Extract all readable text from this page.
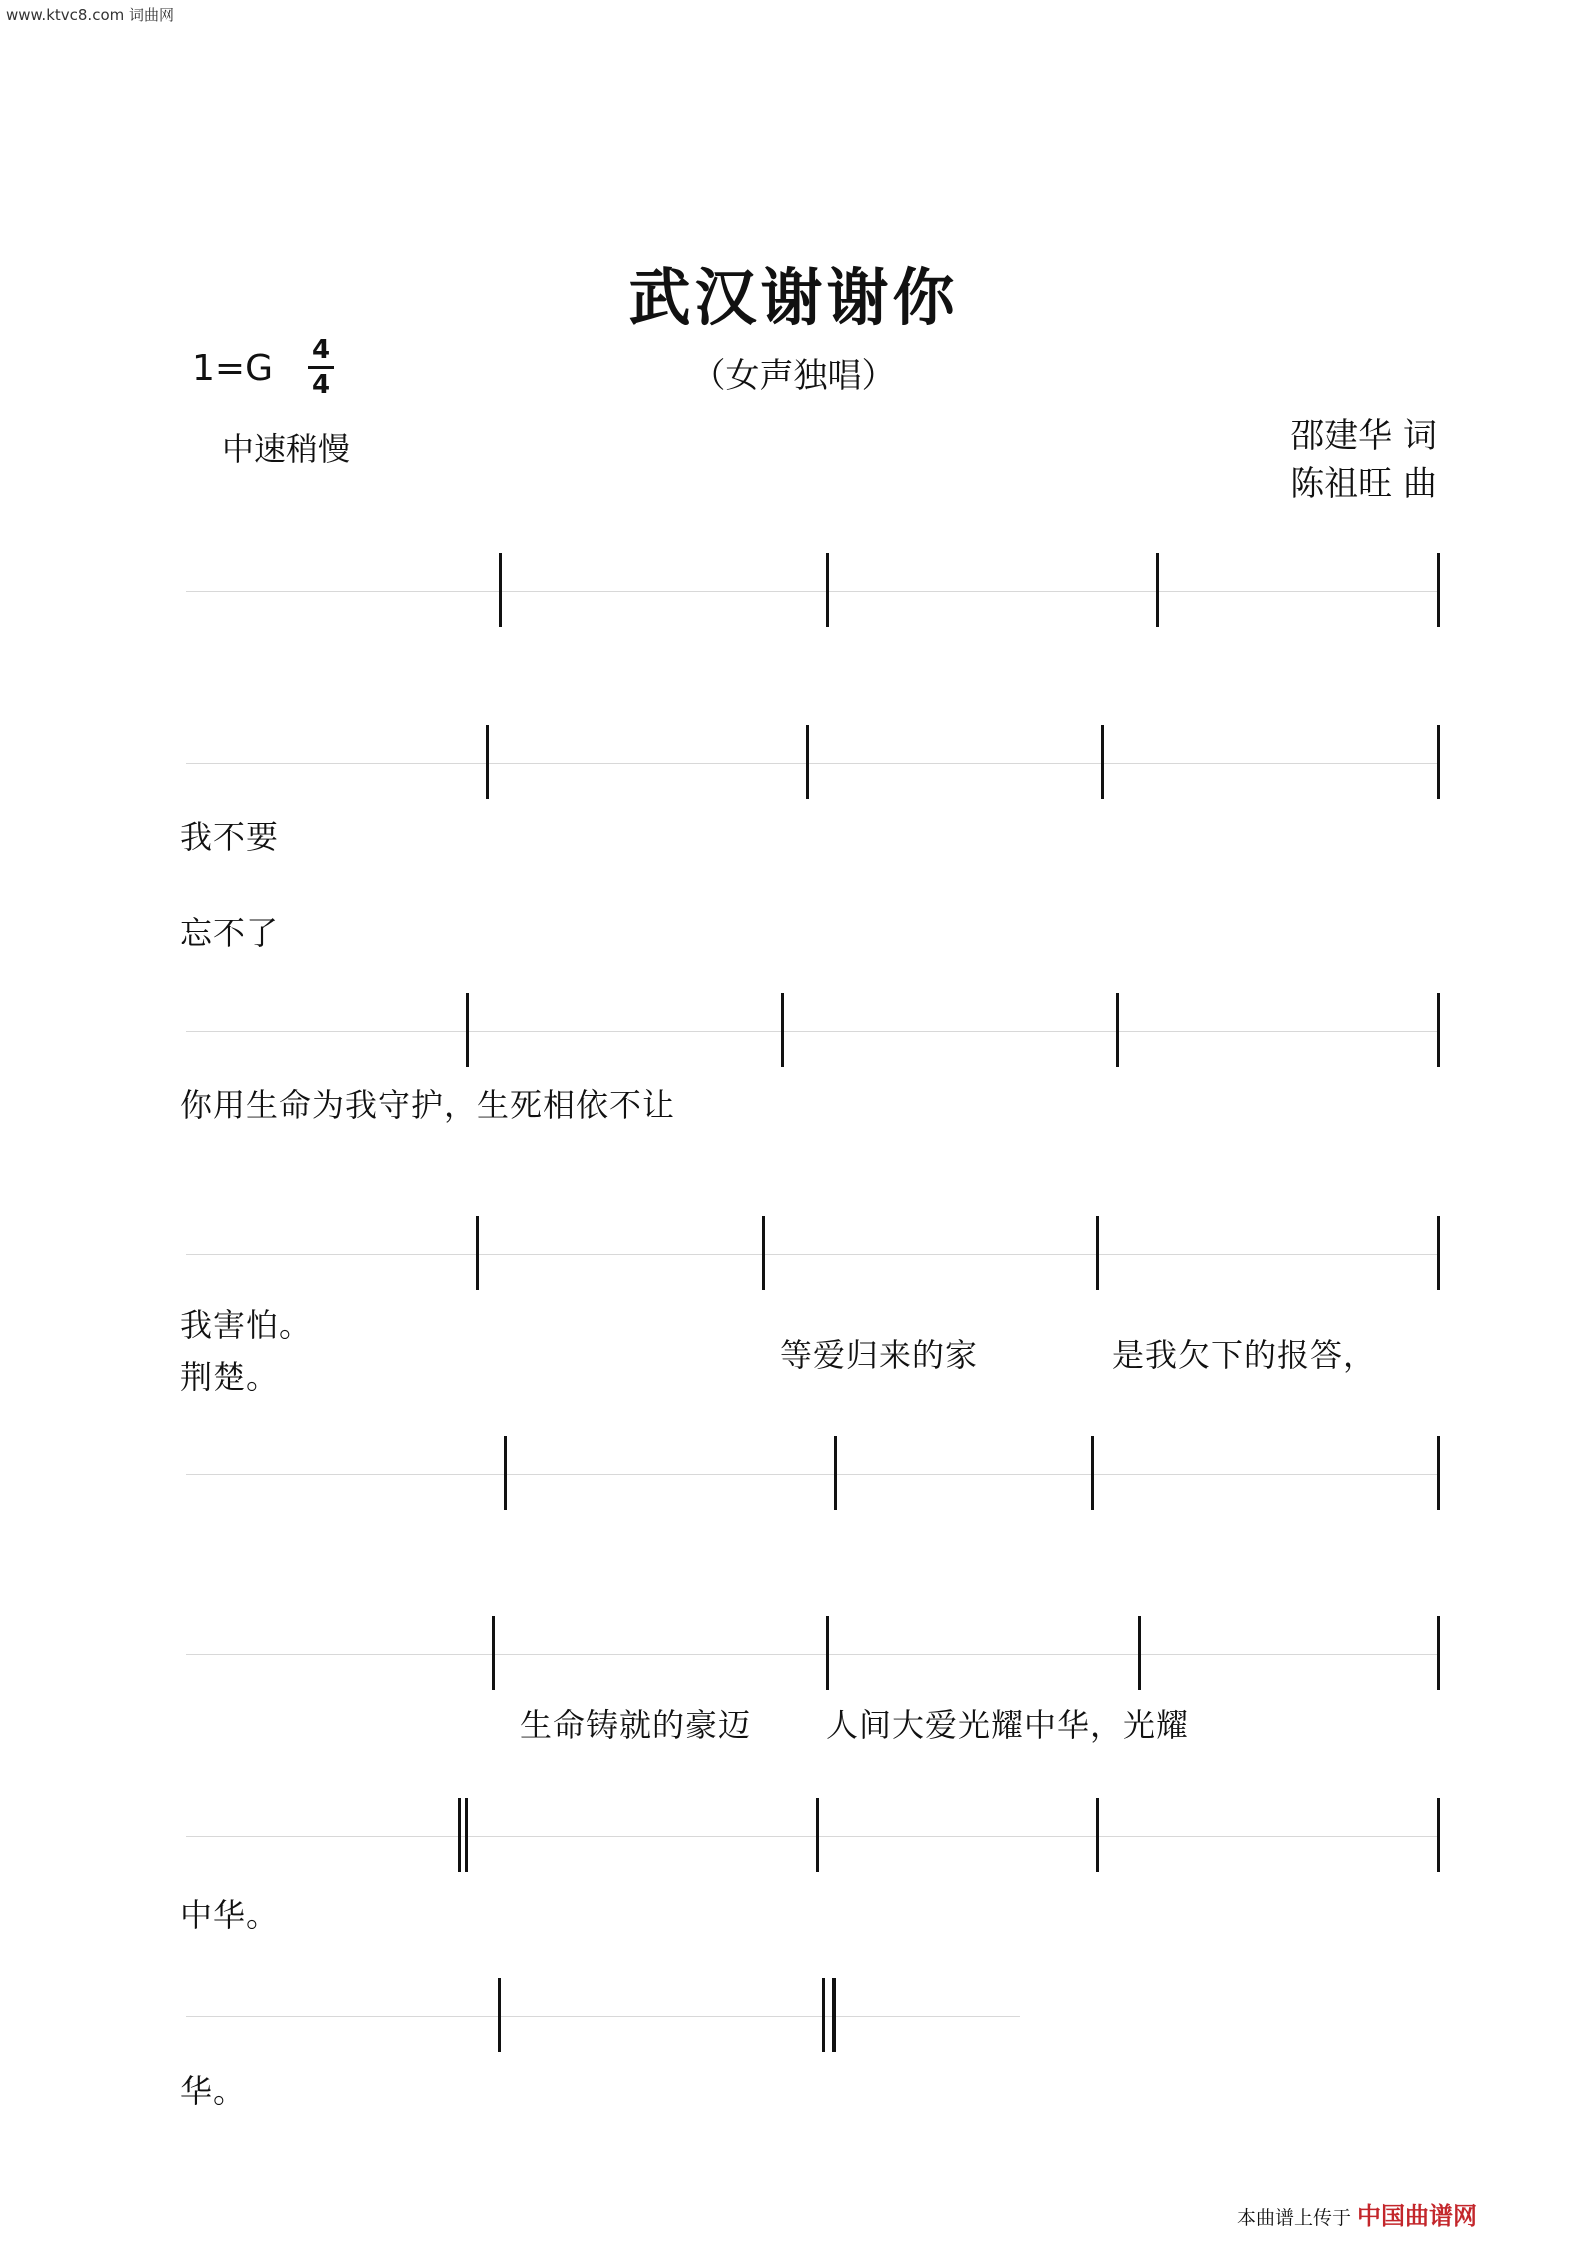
www.ktvc8.com 词曲网
武汉谢谢你
（女声独唱）
1=G 4
4
中速稍慢	邵建华 词
陈祖旺 曲
我不要
忘不了
你用生命为我守护，生死相依不让
我害怕。
荆楚。
等爱归来的家	是我欠下的报答，
生命铸就的豪迈 人间大爱光耀中华，光耀
中华。
华。
本曲谱上传于 中国曲谱网
